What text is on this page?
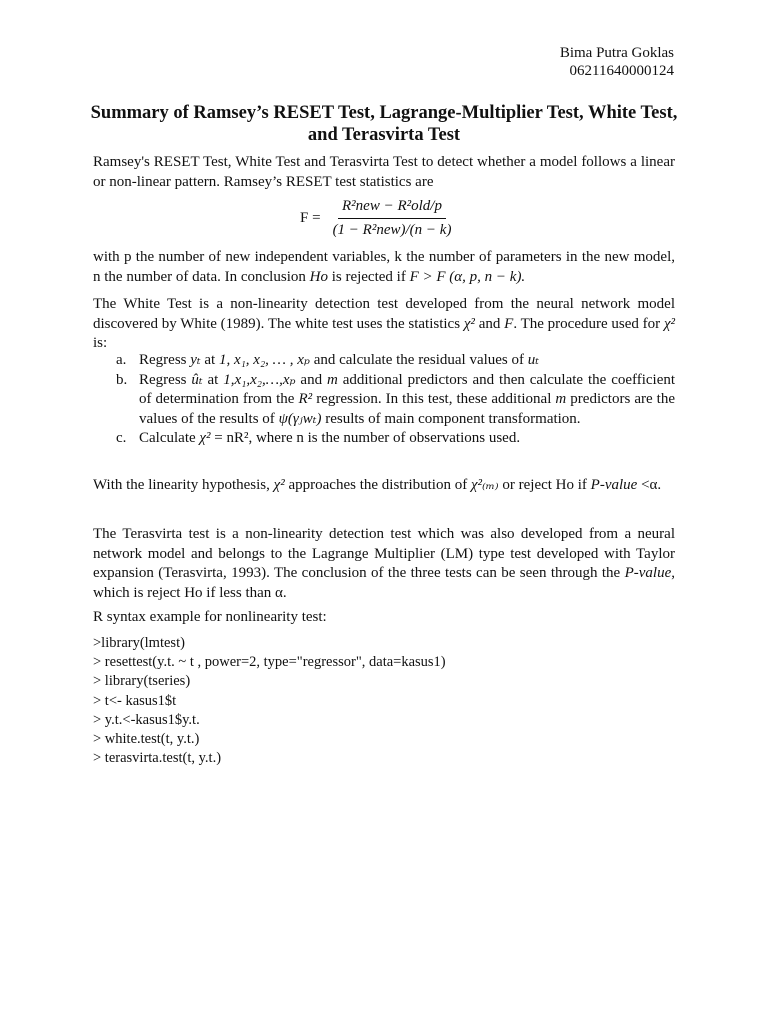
Bima Putra Goklas
06211640000124
Summary of Ramsey’s RESET Test, Lagrange-Multiplier Test, White Test, and Terasvirta Test
Ramsey's RESET Test, White Test and Terasvirta Test to detect whether a model follows a linear or non-linear pattern. Ramsey’s RESET test statistics are
$F = \frac{\text{R²new − R²old/p}}{\text{(1 − R²new)/(n − k)}}$
with p the number of new independent variables, k the number of parameters in the new model, n the number of data. In conclusion Ho is rejected if F > F (α, p, n − k).
The White Test is a non-linearity detection test developed from the neural network model discovered by White (1989). The white test uses the statistics χ² and F. The procedure used for χ² is:
a. Regress yₜ at 1, x₁, x₂, … , xₚ and calculate the residual values of uₜ
b. Regress ûₜ at 1,x₁,x₂,…,xₚ and m additional predictors and then calculate the coefficient of determination from the R² regression. In this test, these additional m predictors are the values of the results of ψ(γⱼwₜ) results of main component transformation.
c. Calculate χ² = nR², where n is the number of observations used.
With the linearity hypothesis, χ² approaches the distribution of χ²₍ₘ₎ or reject Ho if P-value <α.
The Terasvirta test is a non-linearity detection test which was also developed from a neural network model and belongs to the Lagrange Multiplier (LM) type test developed with Taylor expansion (Terasvirta, 1993). The conclusion of the three tests can be seen through the P-value, which is reject Ho if less than α.
R syntax example for nonlinearity test:
>library(lmtest)
> resettest(y.t. ~ t , power=2, type="regressor", data=kasus1)
> library(tseries)
> t<- kasus1$t
> y.t.<-kasus1$y.t.
> white.test(t, y.t.)
> terasvirta.test(t, y.t.)
